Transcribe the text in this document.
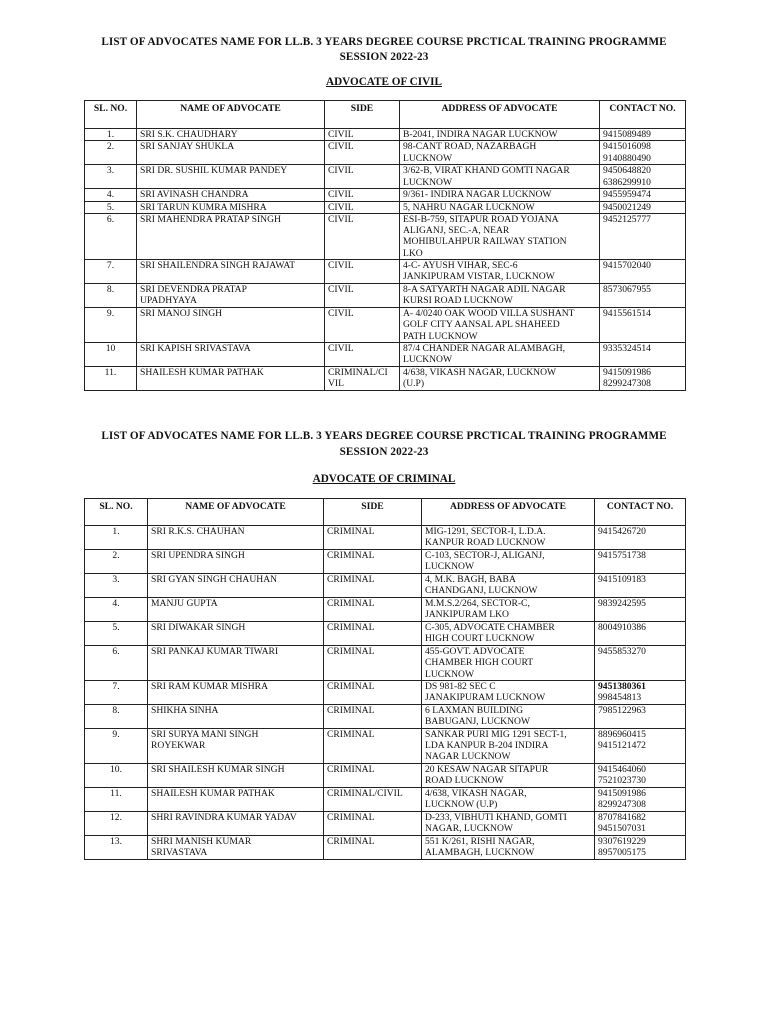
LIST OF ADVOCATES NAME FOR LL.B. 3 YEARS DEGREE COURSE PRCTICAL TRAINING PROGRAMME
SESSION 2022-23
ADVOCATE OF CIVIL
SL. NO.	NAME OF ADVOCATE	SIDE	ADDRESS OF ADVOCATE	CONTACT NO.
1.	SRI S.K. CHAUDHARY	CIVIL	B-2041, INDIRA NAGAR LUCKNOW	9415089489
2.	SRI SANJAY SHUKLA	CIVIL	98-CANT ROAD, NAZARBAGH
LUCKNOW	9415016098
9140880490
3.	SRI DR. SUSHIL KUMAR PANDEY	CIVIL	3/62-B, VIRAT KHAND GOMTI NAGAR
LUCKNOW	9450648820
6386299910
4.	SRI AVINASH CHANDRA	CIVIL	9/361- INDIRA NAGAR LUCKNOW	9455959474
5.	SRI TARUN KUMRA MISHRA	CIVIL	5, NAHRU NAGAR LUCKNOW	9450021249
6.	SRI MAHENDRA PRATAP SINGH	CIVIL	ESI-B-759, SITAPUR ROAD YOJANA
ALIGANJ, SEC.-A, NEAR
MOHIBULAHPUR RAILWAY STATION
LKO	9452125777
7.	SRI SHAILENDRA SINGH RAJAWAT	CIVIL	4-C- AYUSH VIHAR, SEC-6
JANKIPURAM VISTAR, LUCKNOW	9415702040
8.	SRI DEVENDRA PRATAP
UPADHYAYA	CIVIL	8-A SATYARTH NAGAR ADIL NAGAR
KURSI ROAD LUCKNOW	8573067955
9.	SRI MANOJ SINGH	CIVIL	A- 4/0240 OAK WOOD VILLA SUSHANT
GOLF CITY AANSAL APL SHAHEED
PATH LUCKNOW	9415561514
10	SRI KAPISH SRIVASTAVA	CIVIL	87/4 CHANDER NAGAR ALAMBAGH,
LUCKNOW	9335324514
11.	SHAILESH KUMAR PATHAK	CRIMINAL/CI
VIL	4/638, VIKASH NAGAR, LUCKNOW
(U.P)	9415091986
8299247308
LIST OF ADVOCATES NAME FOR LL.B. 3 YEARS DEGREE COURSE PRCTICAL TRAINING PROGRAMME
SESSION 2022-23
ADVOCATE OF CRIMINAL
SL. NO.	NAME OF ADVOCATE	SIDE	ADDRESS OF ADVOCATE	CONTACT NO.
1.	SRI R.K.S. CHAUHAN	CRIMINAL	MIG-1291, SECTOR-I, L.D.A.
KANPUR ROAD LUCKNOW	9415426720
2.	SRI UPENDRA SINGH	CRIMINAL	C-103, SECTOR-J, ALIGANJ,
LUCKNOW	9415751738
3.	SRI GYAN SINGH CHAUHAN	CRIMINAL	4, M.K. BAGH, BABA
CHANDGANJ, LUCKNOW	9415109183
4.	MANJU GUPTA	CRIMINAL	M.M.S.2/264, SECTOR-C,
JANKIPURAM LKO	9839242595
5.	SRI DIWAKAR SINGH	CRIMINAL	C-305, ADVOCATE CHAMBER
HIGH COURT LUCKNOW	8004910386
6.	SRI PANKAJ KUMAR TIWARI	CRIMINAL	455-GOVT. ADVOCATE
CHAMBER HIGH COURT
LUCKNOW	9455853270
7.	SRI RAM KUMAR MISHRA	CRIMINAL	DS 981-82 SEC C
JANAKIPURAM LUCKNOW	9451380361
998454813
8.	SHIKHA SINHA	CRIMINAL	6 LAXMAN BUILDING
BABUGANJ, LUCKNOW	7985122963
9.	SRI SURYA MANI SINGH
ROYEKWAR	CRIMINAL	SANKAR PURI MIG 1291 SECT-1,
LDA KANPUR B-204 INDIRA
NAGAR LUCKNOW	8896960415
9415121472
10.	SRI SHAILESH KUMAR SINGH	CRIMINAL	20 KESAW NAGAR SITAPUR
ROAD LUCKNOW	9415464060
7521023730
11.	SHAILESH KUMAR PATHAK	CRIMINAL/CIVIL	4/638, VIKASH NAGAR,
LUCKNOW (U.P)	9415091986
8299247308
12.	SHRI RAVINDRA KUMAR YADAV	CRIMINAL	D-233, VIBHUTI KHAND, GOMTI
NAGAR, LUCKNOW	8707841682
9451507031
13.	SHRI MANISH KUMAR
SRIVASTAVA	CRIMINAL	551 K/261, RISHI NAGAR,
ALAMBAGH, LUCKNOW	9307619229
8957005175
